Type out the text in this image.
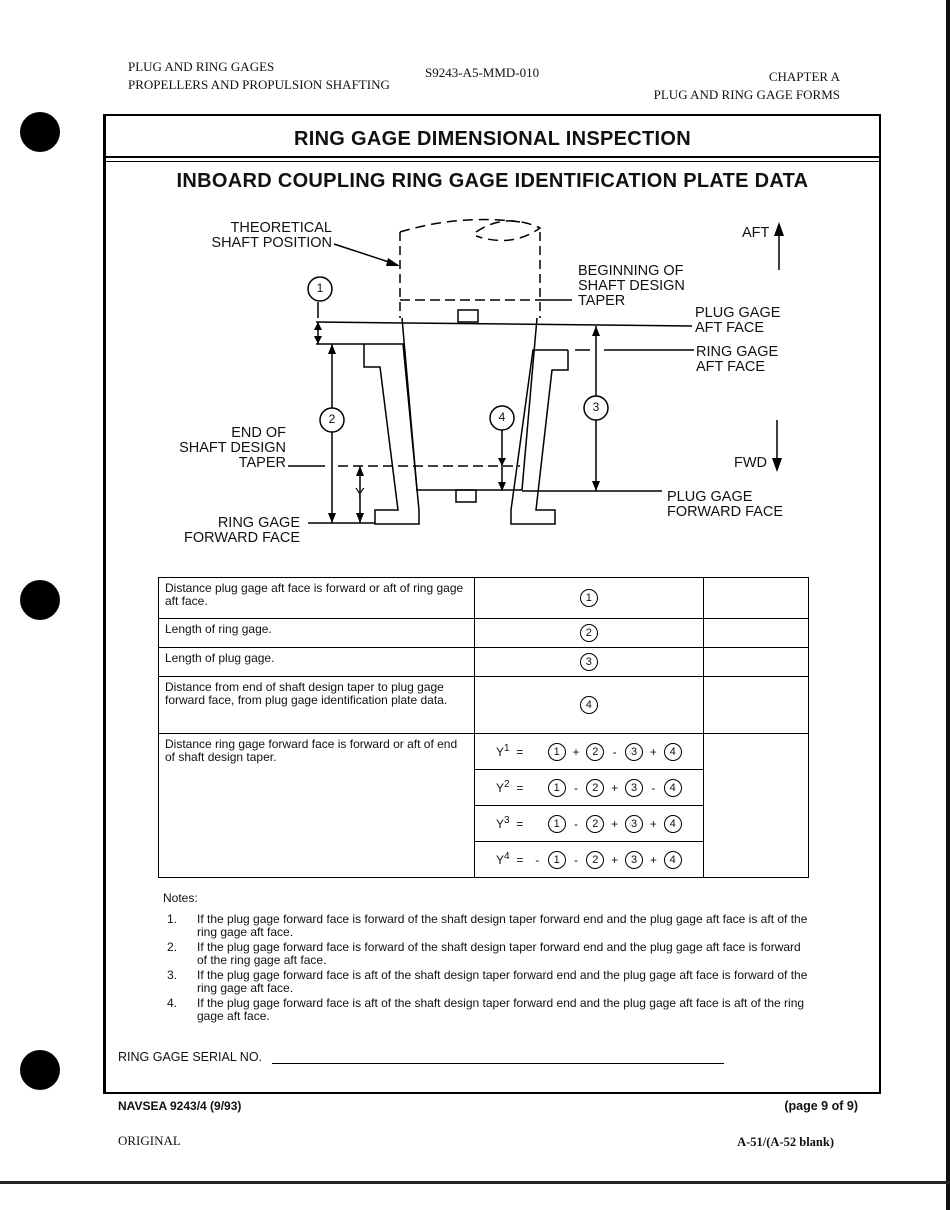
PLUG AND RING GAGES
PROPELLERS AND PROPULSION SHAFTING
S9243-A5-MMD-010	CHAPTER A
PLUG AND RING GAGE FORMS
RING GAGE DIMENSIONAL INSPECTION
INBOARD COUPLING RING GAGE IDENTIFICATION PLATE DATA
1
2
3
4
THEORETICAL
SHAFT POSITION
AFT
FWD
BEGINNING OF
SHAFT DESIGN
TAPER
PLUG GAGE
AFT FACE
RING GAGE
AFT FACE
END OF
SHAFT DESIGN
TAPER
Y
RING GAGE
FORWARD FACE
PLUG GAGE
FORWARD FACE
Distance plug gage aft face is forward or aft of ring gage aft face.	1	
Length of ring gage.	2	
Length of plug gage.	3	
Distance from end of shaft design taper to plug gage forward face, from plug gage identification plate data.	4	
Distance ring gage forward face is forward or aft of end of shaft design taper.	$Y^1 = 1 + 2 - 3 + 4$	
	$Y^2 = 1 - 2 + 3 - 4$	
	$Y^3 = 1 - 2 + 3 + 4$	
	$Y^4$ = - 1 - 2 + 3 + 4	
Notes:
1. If the plug gage forward face is forward of the shaft design taper forward end and the plug gage aft face is aft of the ring gage aft face.
2. If the plug gage forward face is forward of the shaft design taper forward end and the plug gage aft face is forward of the ring gage aft face.
3. If the plug gage forward face is aft of the shaft design taper forward end and the plug gage aft face is forward of the ring gage aft face.
4. If the plug gage forward face is aft of the shaft design taper forward end and the plug gage aft face is aft of the ring gage aft face.
RING GAGE SERIAL NO.
NAVSEA 9243/4 (9/93)	(page 9 of 9)
ORIGINAL	A-51/(A-52 blank)
